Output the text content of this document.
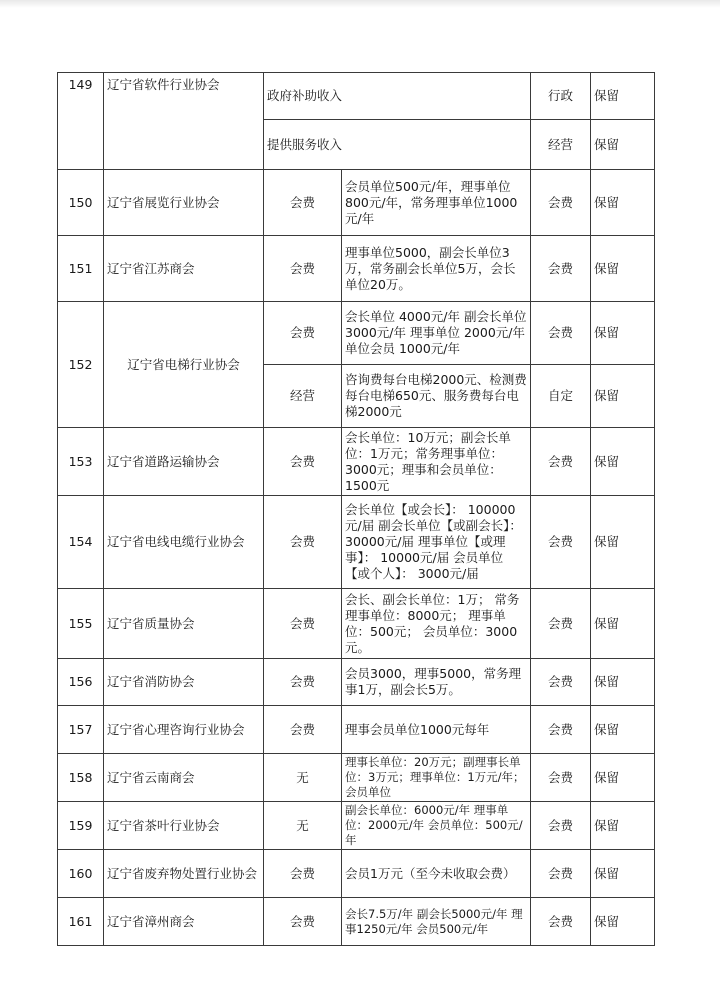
149	辽宁省软件行业协会	政府补助收入		行政	保留
		提供服务收入		经营	保留
150	辽宁省展览行业协会	会费	会员单位500元/年，理事单位800元/年，常务理事单位1000元/年	会费	保留
151	辽宁省江苏商会	会费	理事单位5000，副会长单位3万，常务副会长单位5万，会长单位20万。	会费	保留
152	辽宁省电梯行业协会	会费	会长单位 4000元/年 副会长单位 3000元/年 理事单位 2000元/年 单位会员 1000元/年	会费	保留
		经营	咨询费每台电梯2000元、检测费每台电梯650元、服务费每台电梯2000元	自定	保留
153	辽宁省道路运输协会	会费	会长单位：10万元；副会长单位：1万元；常务理事单位：3000元；理事和会员单位：1500元	会费	保留
154	辽宁省电线电缆行业协会	会费	会长单位【或会长】： 100000元/届 副会长单位【或副会长】： 30000元/届 理事单位【或理事】： 10000元/届 会员单位【或个人】： 3000元/届	会费	保留
155	辽宁省质量协会	会费	会长、副会长单位：1万； 常务理事单位：8000元； 理事单位：500元； 会员单位：3000元。	会费	保留
156	辽宁省消防协会	会费	会员3000，理事5000，常务理事1万，副会长5万。	会费	保留
157	辽宁省心理咨询行业协会	会费	理事会员单位1000元每年	会费	保留
158	辽宁省云南商会	无	理事长单位：20万元；副理事长单位：3万元；理事单位：1万元/年；会员单位	会费	保留
159	辽宁省茶叶行业协会	无	副会长单位：6000元/年 理事单位：2000元/年 会员单位：500元/年	会费	保留
160	辽宁省废弃物处置行业协会	会费	会员1万元（至今未收取会费）	会费	保留
161	辽宁省漳州商会	会费	会长7.5万/年 副会长5000元/年 理事1250元/年 会员500元/年	会费	保留
